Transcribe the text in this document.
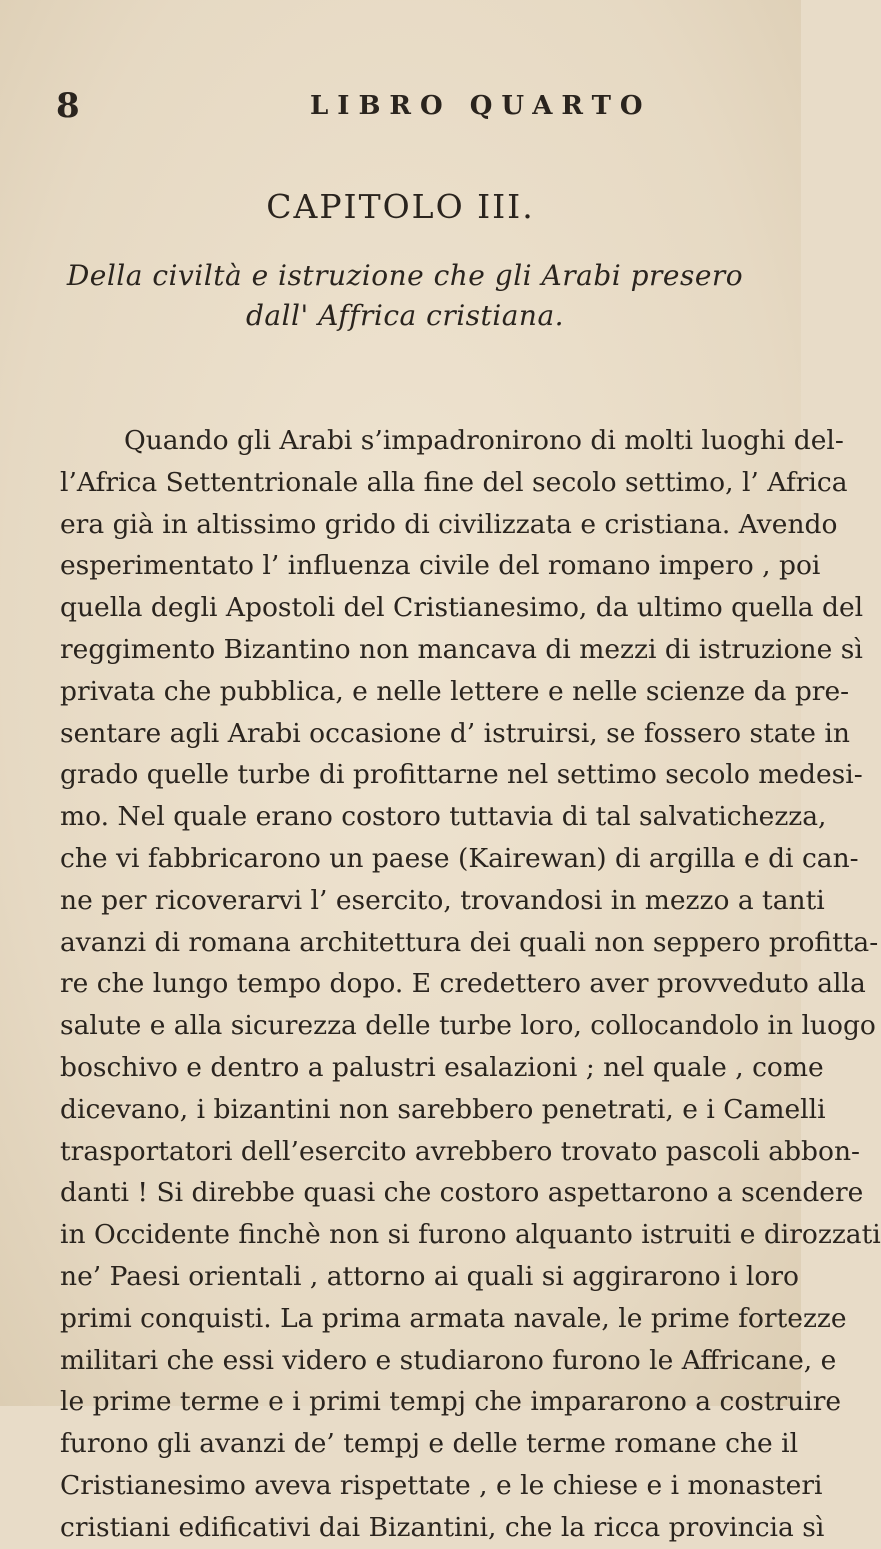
8	LIBRO QUARTO
CAPITOLO III.
Della civiltà e istruzione che gli Arabi presero
dall' Affrica cristiana.
Quando gli Arabi s’impadronirono di molti luoghi del-
l’Africa Settentrionale alla fine del secolo settimo, l’ Africa
era già in altissimo grido di civilizzata e cristiana. Avendo
esperimentato l’ influenza civile del romano impero , poi
quella degli Apostoli del Cristianesimo, da ultimo quella del
reggimento Bizantino non mancava di mezzi di istruzione sì
privata che pubblica, e nelle lettere e nelle scienze da pre-
sentare agli Arabi occasione d’ istruirsi, se fossero state in
grado quelle turbe di profittarne nel settimo secolo medesi-
mo. Nel quale erano costoro tuttavia di tal salvatichezza,
che vi fabbricarono un paese (Kairewan) di argilla e di can-
ne per ricoverarvi l’ esercito, trovandosi in mezzo a tanti
avanzi di romana architettura dei quali non seppero profitta-
re che lungo tempo dopo. E credettero aver provveduto alla
salute e alla sicurezza delle turbe loro, collocandolo in luogo
boschivo e dentro a palustri esalazioni ; nel quale , come
dicevano, i bizantini non sarebbero penetrati, e i Camelli
trasportatori dell’esercito avrebbero trovato pascoli abbon-
danti ! Si direbbe quasi che costoro aspettarono a scendere
in Occidente finchè non si furono alquanto istruiti e dirozzati
ne’ Paesi orientali , attorno ai quali si aggirarono i loro
primi conquisti. La prima armata navale, le prime fortezze
militari che essi videro e studiarono furono le Affricane, e
le prime terme e i primi tempj che impararono a costruire
furono gli avanzi de’ tempj e delle terme romane che il
Cristianesimo aveva rispettate , e le chiese e i monasteri
cristiani edificativi dai Bizantini, che la ricca provincia sì
